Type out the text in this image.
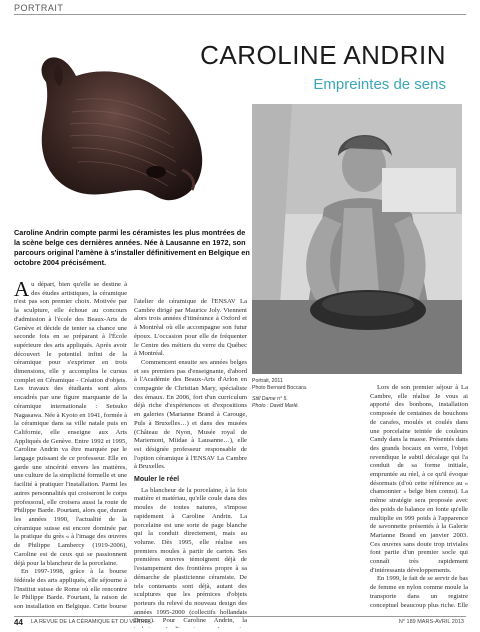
PORTRAIT
CAROLINE ANDRIN
Empreintes de sens
Portrait, 2011
Photo Bernard Boccara.
Still Dame n° 5.
Photo : David Marlé.
Caroline Andrin compte parmi les céramistes les plus montrées de la scène belge ces dernières années. Née à Lausanne en 1972, son parcours original l'amène à s'installer définitivement en Belgique en octobre 2004 précisément.

Au départ, bien qu'elle se destine à des études artistiques, la céramique n'est pas son premier choix. Motivée par la sculpture, elle échoue au concours d'admission à l'école des Beaux-Arts de Genève et décide de tenter sa chance une seconde fois en se préparant à l'École supérieure des arts appliqués. Après avoir découvert le potentiel infini de la céramique pour s'exprimer en trois dimensions, elle y accomplira le cursus complet en Céramique - Création d'objets. Les travaux des étudiants sont alors encadrés par une figure marquante de la céramique internationale : Setsuko Nagasawa. Née à Kyoto en 1941, formée à la céramique dans sa ville natale puis en Californie, elle enseigne aux Arts Appliqués de Genève. Entre 1992 et 1995, Caroline Andrin va être marquée par le langage puissant de ce professeur. Elle en garde une sincérité envers les matières, une culture de la simplicité formelle et une facilité à pratiquer l'installation. Parmi les autres personnalités qui croiseront le corps professoral, elle croisera aussi la route de Philippe Barde. Pourtant, alors que, durant les années 1990, l'actualité de la céramique suisse est encore dominée par la pratique du grès « à l'image des œuvres de Philippe Lambercy (1919-2006), Caroline est de ceux qui se passionnent déjà pour la blancheur de la porcelaine.

En 1997-1998, grâce à la bourse fédérale des arts appliqués, elle séjourne à l'Institut suisse de Rome où elle rencontre le Philippe Barde. Fourtant, la raison de son installation en Belgique. Cette bourse

l'atelier de céramique de l'ENSAV La Cambre dirigé par Maurice Joly. Viennent alors trois années d'itinérance à Oxford et à Montréal où elle accompagne son futur époux. L'occasion pour elle de fréquenter le Centre des métiers du verre du Québec à Montréal.

Commencent ensuite ses années belges et ses premiers pas d'enseignante, d'abord à l'Académie des Beaux-Arts d'Arlon en compagnie de Christian Mary, spécialiste des émaux. En 2006, fort d'un curriculum déjà riche d'expériences et d'expositions en galeries (Marianne Brand à Carouge, Puls à Bruxelles…) et dans des musées (Château de Nyon, Musée royal de Mariemont, Miidae à Lausanne…), elle est désignée professeur responsable de l'option céramique à l'ENSAV La Cambre à Bruxelles.

Mouler le réel

La blancheur de la porcelaine, à la fois matière et matériau, qu'elle coule dans des moules de toutes natures, s'impose rapidement à Caroline Andrin. La porcelaine est une sorte de page blanche qui la conduit directement, mais au volume. Dès 1995, elle réalise ses premiers moules à partir de carton. Ses premières œuvres témoignent déjà de l'estampement des frontières propre à sa démarche de plasticienne céramiste. De tels contenants sont déjà, autant des sculptures que les prémices d'objets porteurs du relevé du nouveau design des années 1995-2000 (collectifs hollandais Droog). Pour Caroline Andrin, la

Lors de son premier séjour à La Cambre, elle réalise Je vous ai apporté des bonbons, installation composée de centaines de bouchons de carafes, moulés et coulés dans une porcelaine teintée de couleurs Candy dans la masse. Présentés dans des grands bocaux en verre, l'objet revendique le subtil décalage qui l'a conduit de sa forme initiale, empruntée au réel, à ce qu'il évoque désormais (d'où cette référence au « chamonnier » belge bien connu). La même stratégie sera proposée avec des poids de balance en fonte qu'elle multiplie en 999 poids à l'apparence de savonnette présentés à la Galerie Marianne Brand en janvier 2003. Ces œuvres sans doute trop triviales font partie d'un premier socle qui connaît très rapidement d'intéressants développements.

En 1999, le fait de se servir de bas de femme en nylon comme moule la transporte dans un registre conceptuel beaucoup plus riche. Elle

44 LA REVUE DE LA CÉRAMIQUE ET DU VERRE	N° 189 MARS-AVRIL 2013
